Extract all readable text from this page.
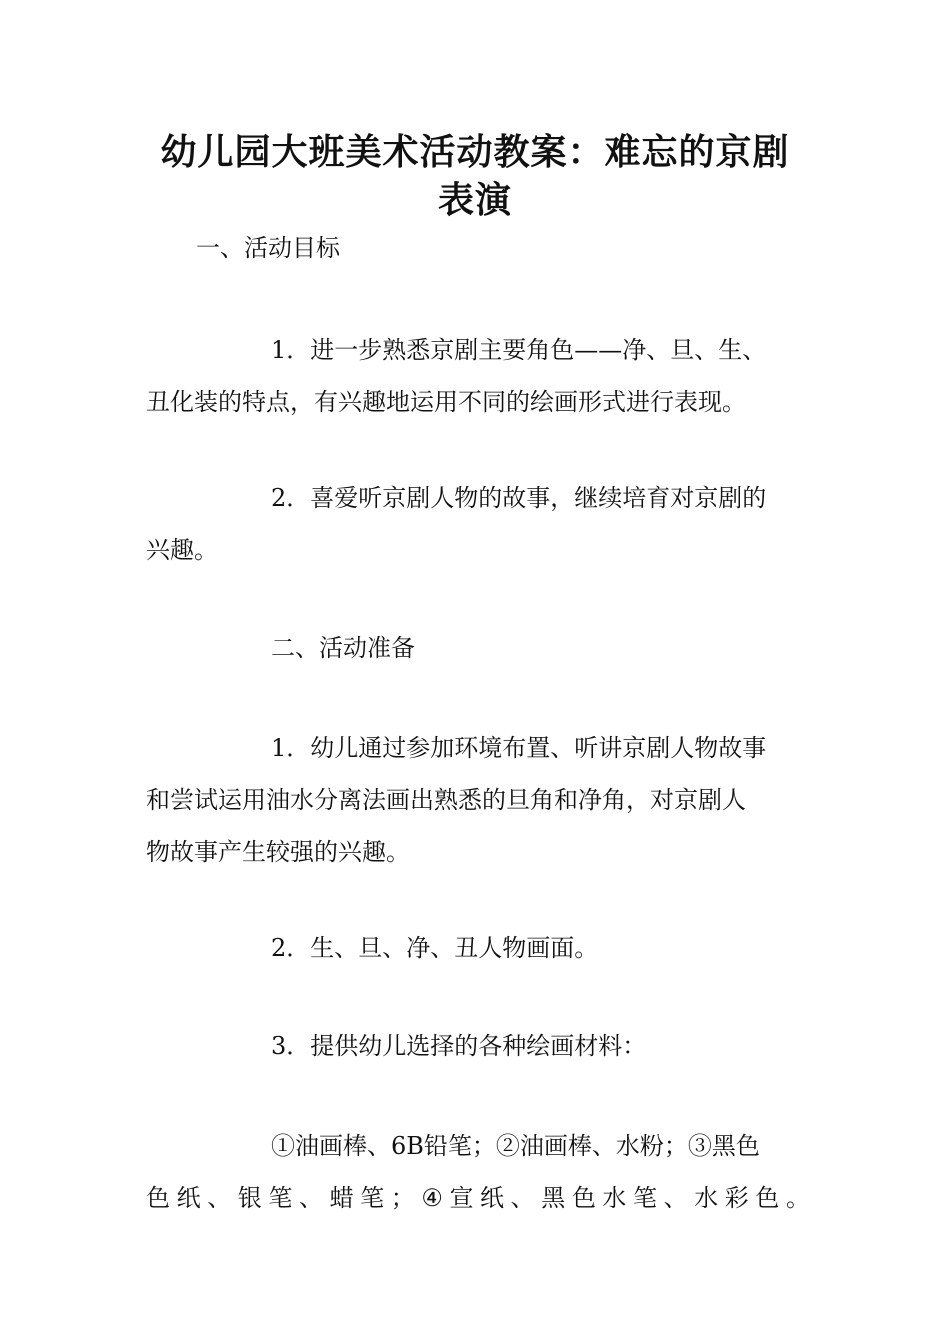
幼儿园大班美术活动教案：难忘的京剧
表演

一、活动目标

1．进一步熟悉京剧主要角色——净、旦、生、
丑化装的特点，有兴趣地运用不同的绘画形式进行表现。

2．喜爱听京剧人物的故事，继续培育对京剧的
兴趣。

二、活动准备

1．幼儿通过参加环境布置、听讲京剧人物故事
和尝试运用油水分离法画出熟悉的旦角和净角，对京剧人
物故事产生较强的兴趣。

2．生、旦、净、丑人物画面。

3．提供幼儿选择的各种绘画材料：

①油画棒、6B铅笔；②油画棒、水粉；③黑色
色 纸 、 银 笔 、 蜡 笔 ； ④ 宣 纸 、 黑 色 水 笔 、 水 彩 色 。
